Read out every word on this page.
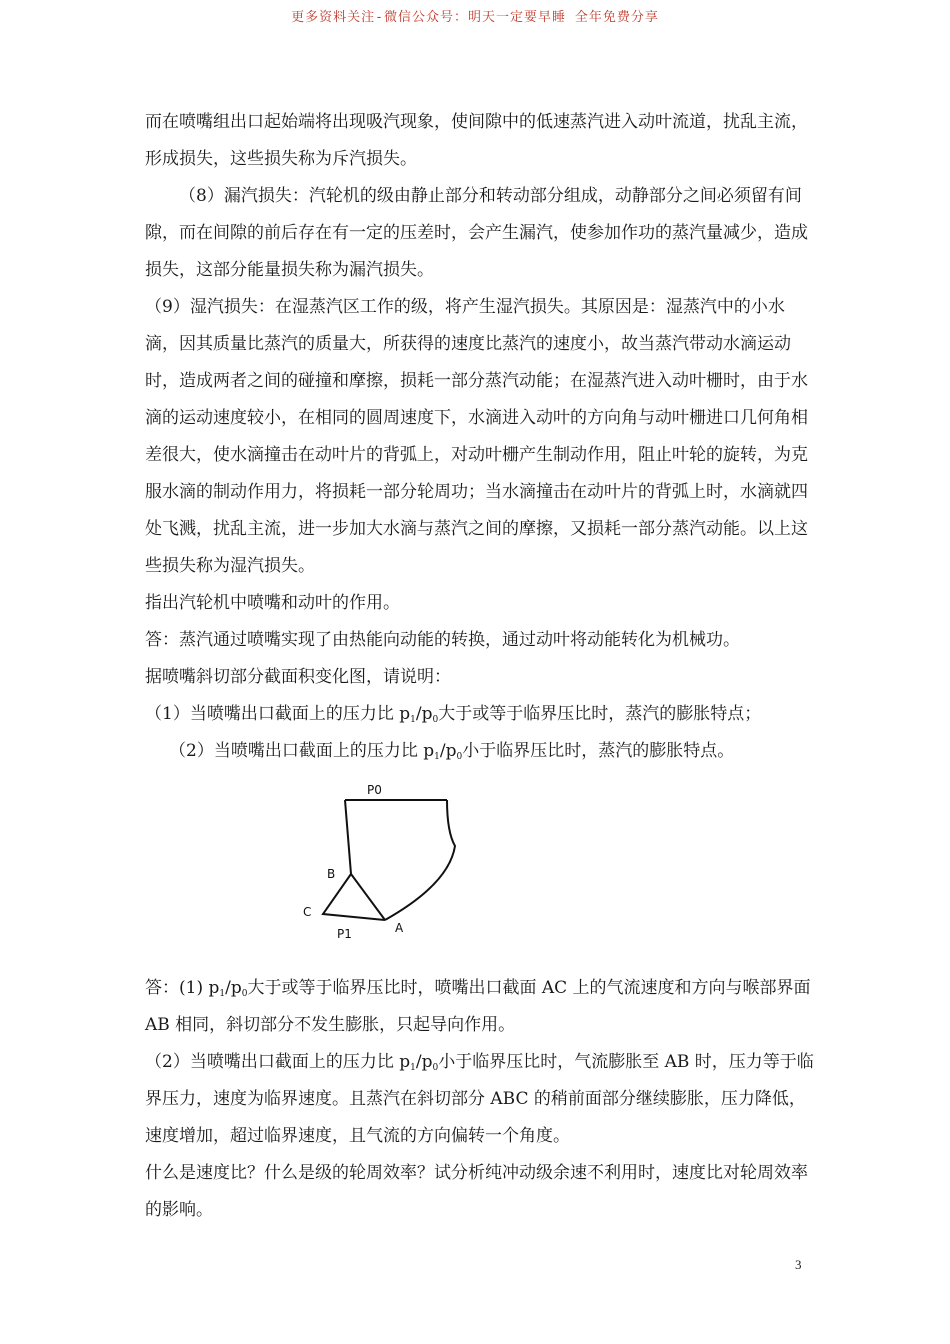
更多资料关注-微信公众号：明天一定要早睡 全年免费分享

而在喷嘴组出口起始端将出现吸汽现象，使间隙中的低速蒸汽进入动叶流道，扰乱主流，形成损失，这些损失称为斥汽损失。

（8）漏汽损失：汽轮机的级由静止部分和转动部分组成，动静部分之间必须留有间隙，而在间隙的前后存在有一定的压差时，会产生漏汽，使参加作功的蒸汽量减少，造成损失，这部分能量损失称为漏汽损失。

（9）湿汽损失：在湿蒸汽区工作的级，将产生湿汽损失。其原因是：湿蒸汽中的小水滴，因其质量比蒸汽的质量大，所获得的速度比蒸汽的速度小，故当蒸汽带动水滴运动时，造成两者之间的碰撞和摩擦，损耗一部分蒸汽动能；在湿蒸汽进入动叶栅时，由于水滴的运动速度较小，在相同的圆周速度下，水滴进入动叶的方向角与动叶栅进口几何角相差很大，使水滴撞击在动叶片的背弧上，对动叶栅产生制动作用，阻止叶轮的旋转，为克服水滴的制动作用力，将损耗一部分轮周功；当水滴撞击在动叶片的背弧上时，水滴就四处飞溅，扰乱主流，进一步加大水滴与蒸汽之间的摩擦，又损耗一部分蒸汽动能。以上这些损失称为湿汽损失。

指出汽轮机中喷嘴和动叶的作用。

答：蒸汽通过喷嘴实现了由热能向动能的转换，通过动叶将动能转化为机械功。

据喷嘴斜切部分截面积变化图，请说明：

（1）当喷嘴出口截面上的压力比 $p_1/p_0$大于或等于临界压比时，蒸汽的膨胀特点；

（2）当喷嘴出口截面上的压力比 $p_1/p_0$小于临界压比时，蒸汽的膨胀特点。

P0
B
C
A
P1

答：(1) $p_1/p_0$大于或等于临界压比时，喷嘴出口截面 AC 上的气流速度和方向与喉部界面 AB 相同，斜切部分不发生膨胀，只起导向作用。

（2）当喷嘴出口截面上的压力比 $p_1/p_0$小于临界压比时，气流膨胀至 AB 时，压力等于临界压力，速度为临界速度。且蒸汽在斜切部分 ABC 的稍前面部分继续膨胀，压力降低，速度增加，超过临界速度，且气流的方向偏转一个角度。

什么是速度比？什么是级的轮周效率？试分析纯冲动级余速不利用时，速度比对轮周效率的影响。

3
